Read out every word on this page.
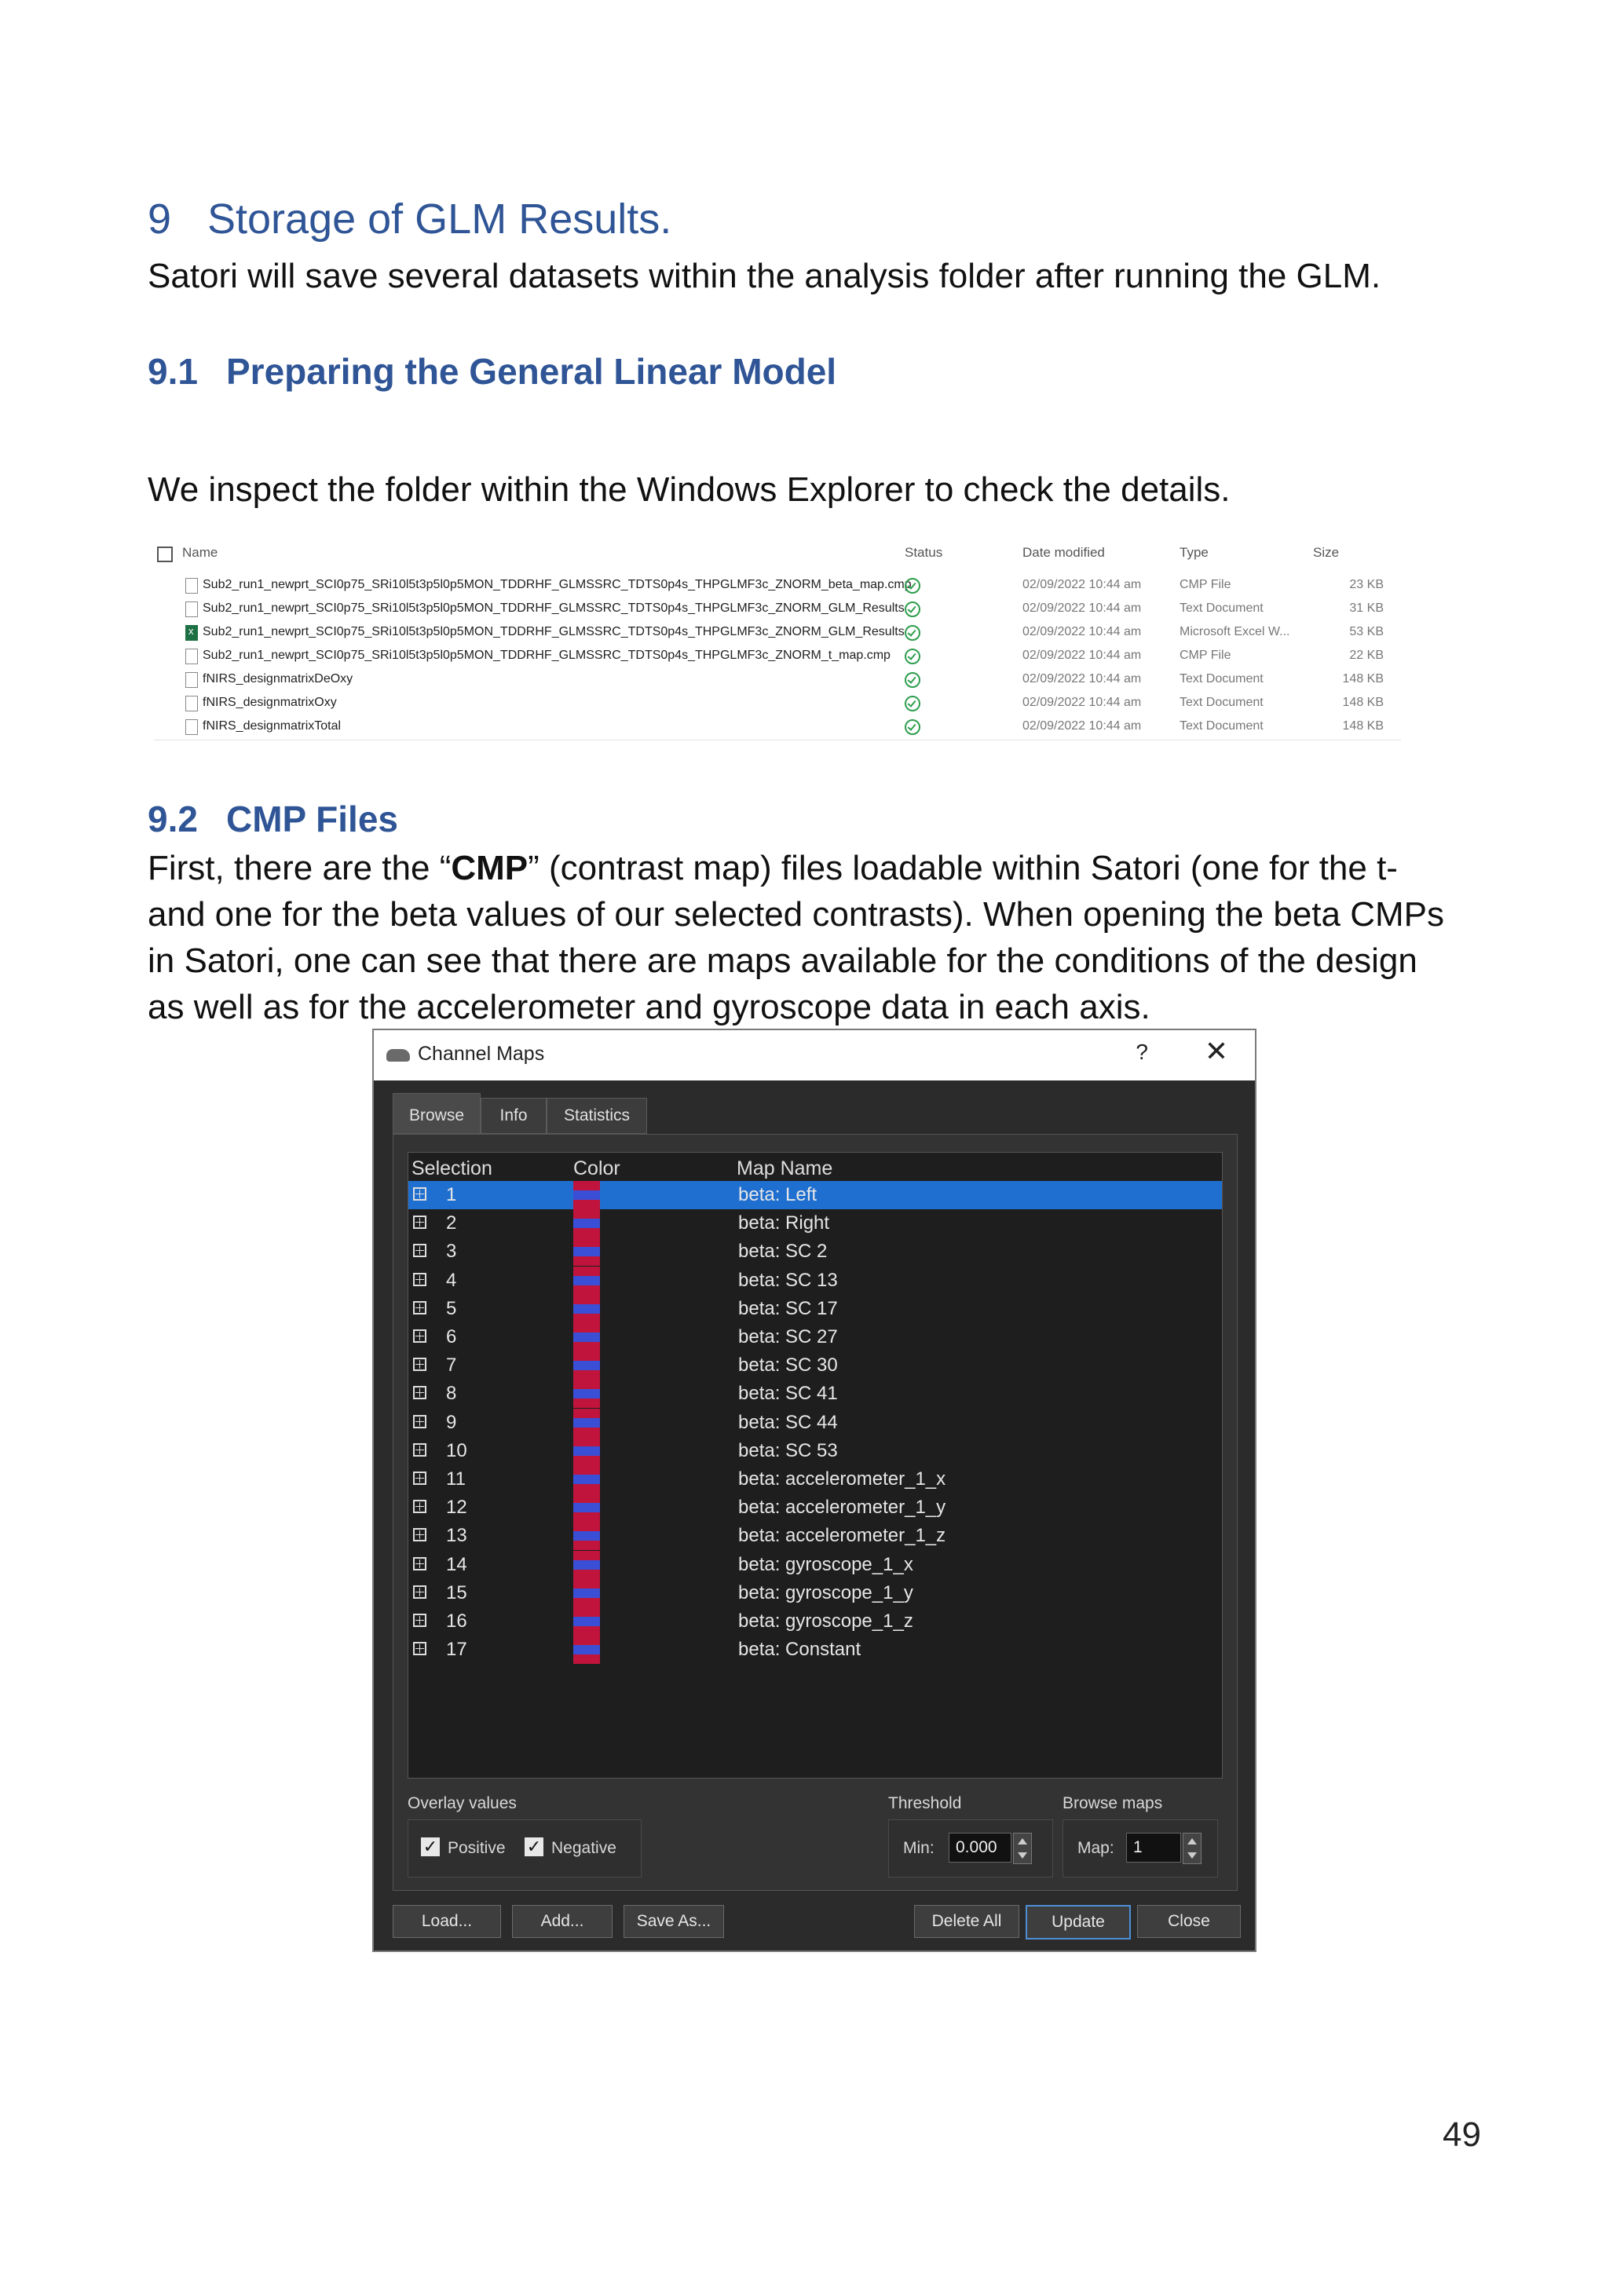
9 Storage of GLM Results.
Satori will save several datasets within the analysis folder after running the GLM.
9.1 Preparing the General Linear Model
We inspect the folder within the Windows Explorer to check the details.
Name	Status	Date modified	Type	Size
Sub2_run1_newprt_SCI0p75_SRi10l5t3p5l0p5MON_TDDRHF_GLMSSRC_TDTS0p4s_THPGLMF3c_ZNORM_beta_map.cmp	02/09/2022 10:44 am	CMP File	23 KB
Sub2_run1_newprt_SCI0p75_SRi10l5t3p5l0p5MON_TDDRHF_GLMSSRC_TDTS0p4s_THPGLMF3c_ZNORM_GLM_Results	02/09/2022 10:44 am	Text Document	31 KB
x
Sub2_run1_newprt_SCI0p75_SRi10l5t3p5l0p5MON_TDDRHF_GLMSSRC_TDTS0p4s_THPGLMF3c_ZNORM_GLM_Results	02/09/2022 10:44 am	Microsoft Excel W...	53 KB
Sub2_run1_newprt_SCI0p75_SRi10l5t3p5l0p5MON_TDDRHF_GLMSSRC_TDTS0p4s_THPGLMF3c_ZNORM_t_map.cmp	02/09/2022 10:44 am	CMP File	22 KB
fNIRS_designmatrixDeOxy	02/09/2022 10:44 am	Text Document	148 KB
fNIRS_designmatrixOxy	02/09/2022 10:44 am	Text Document	148 KB
fNIRS_designmatrixTotal	02/09/2022 10:44 am	Text Document	148 KB
9.2 CMP Files
First, there are the “CMP” (contrast map) files loadable within Satori (one for the t-
and one for the beta values of our selected contrasts). When opening the beta CMPs
in Satori, one can see that there are maps available for the conditions of the design
as well as for the accelerometer and gyroscope data in each axis.
Channel Maps	? ✕
Browse	Info	Statistics
Selection	Color	Map Name
1	beta: Left
2	beta: Right
3	beta: SC 2
4	beta: SC 13
5	beta: SC 17
6	beta: SC 27
7	beta: SC 30
8	beta: SC 41
9	beta: SC 44
10	beta: SC 53
11	beta: accelerometer_1_x
12	beta: accelerometer_1_y
13	beta: accelerometer_1_z
14	beta: gyroscope_1_x
15	beta: gyroscope_1_y
16	beta: gyroscope_1_z
17	beta: Constant
Overlay values
✓ Positive ✓ Negative
Threshold
Min:	0.000
Browse maps
Map:	1
Load...	Add...	Save As...	Delete All	Update	Close
49
